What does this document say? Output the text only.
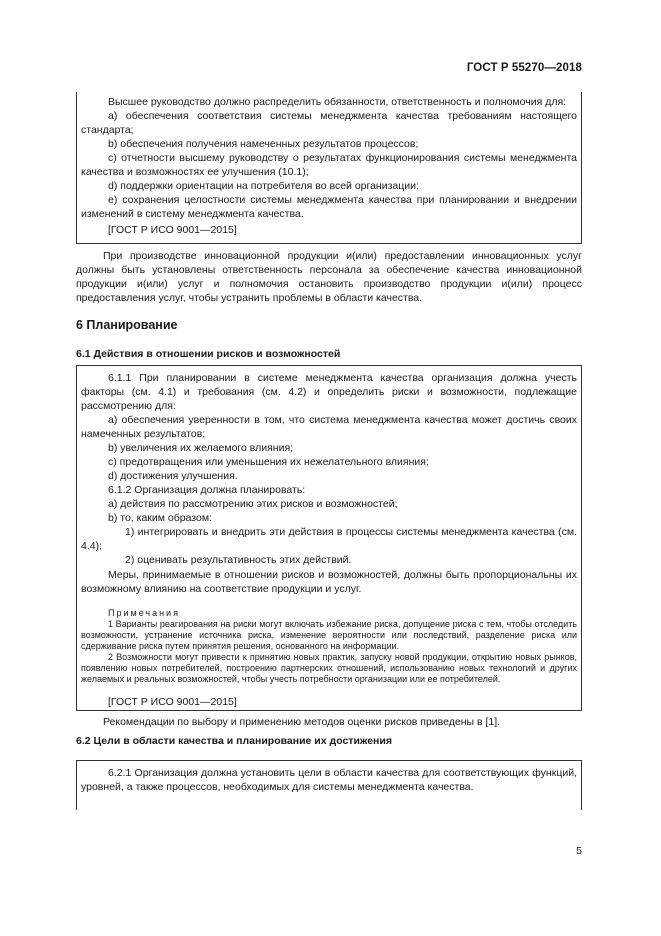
ГОСТ Р 55270—2018

Высшее руководство должно распределить обязанности, ответственность и полномочия для:

a) обеспечения соответствия системы менеджмента качества требованиям настоящего стандарта;

b) обеспечения получения намеченных результатов процессов;

c) отчетности высшему руководству о результатах функционирования системы менеджмента качества и возможностях ее улучшения (10.1);

d) поддержки ориентации на потребителя во всей организации;

e) сохранения целостности системы менеджмента качества при планировании и внедрении изменений в систему менеджмента качества.

[ГОСТ Р ИСО 9001—2015]

При производстве инновационной продукции и(или) предоставлении инновационных услуг должны быть установлены ответственность персонала за обеспечение качества инновационной продукции и(или) услуг и полномочия остановить производство продукции и(или) процесс предоставления услуг, чтобы устранить проблемы в области качества.

6 Планирование
6.1 Действия в отношении рисков и возможностей

6.1.1 При планировании в системе менеджмента качества организация должна учесть факторы (см. 4.1) и требования (см. 4.2) и определить риски и возможности, подлежащие рассмотрению для:

a) обеспечения уверенности в том, что система менеджмента качества может достичь своих намеченных результатов;

b) увеличения их желаемого влияния;

c) предотвращения или уменьшения их нежелательного влияния;

d) достижения улучшения.

6.1.2 Организация должна планировать:

a) действия по рассмотрению этих рисков и возможностей;

b) то, каким образом:

1) интегрировать и внедрить эти действия в процессы системы менеджмента качества (см. 4.4);

2) оценивать результативность этих действий.

Меры, принимаемые в отношении рисков и возможностей, должны быть пропорциональны их возможному влиянию на соответствие продукции и услуг.

Примечания

1 Варианты реагирования на риски могут включать избежание риска, допущение риска с тем, чтобы отследить возможности, устранение источника риска, изменение вероятности или последствий, разделение риска или сдерживание риска путем принятия решения, основанного на информации.

2 Возможности могут привести к принятию новых практик, запуску новой продукции, открытию новых рынков, появлению новых потребителей, построению партнерских отношений, использованию новых технологий и других желаемых и реальных возможностей, чтобы учесть потребности организации или ее потребителей.

[ГОСТ Р ИСО 9001—2015]

Рекомендации по выбору и применению методов оценки рисков приведены в [1].

6.2 Цели в области качества и планирование их достижения

6.2.1 Организация должна установить цели в области качества для соответствующих функций, уровней, а также процессов, необходимых для системы менеджмента качества.

5
